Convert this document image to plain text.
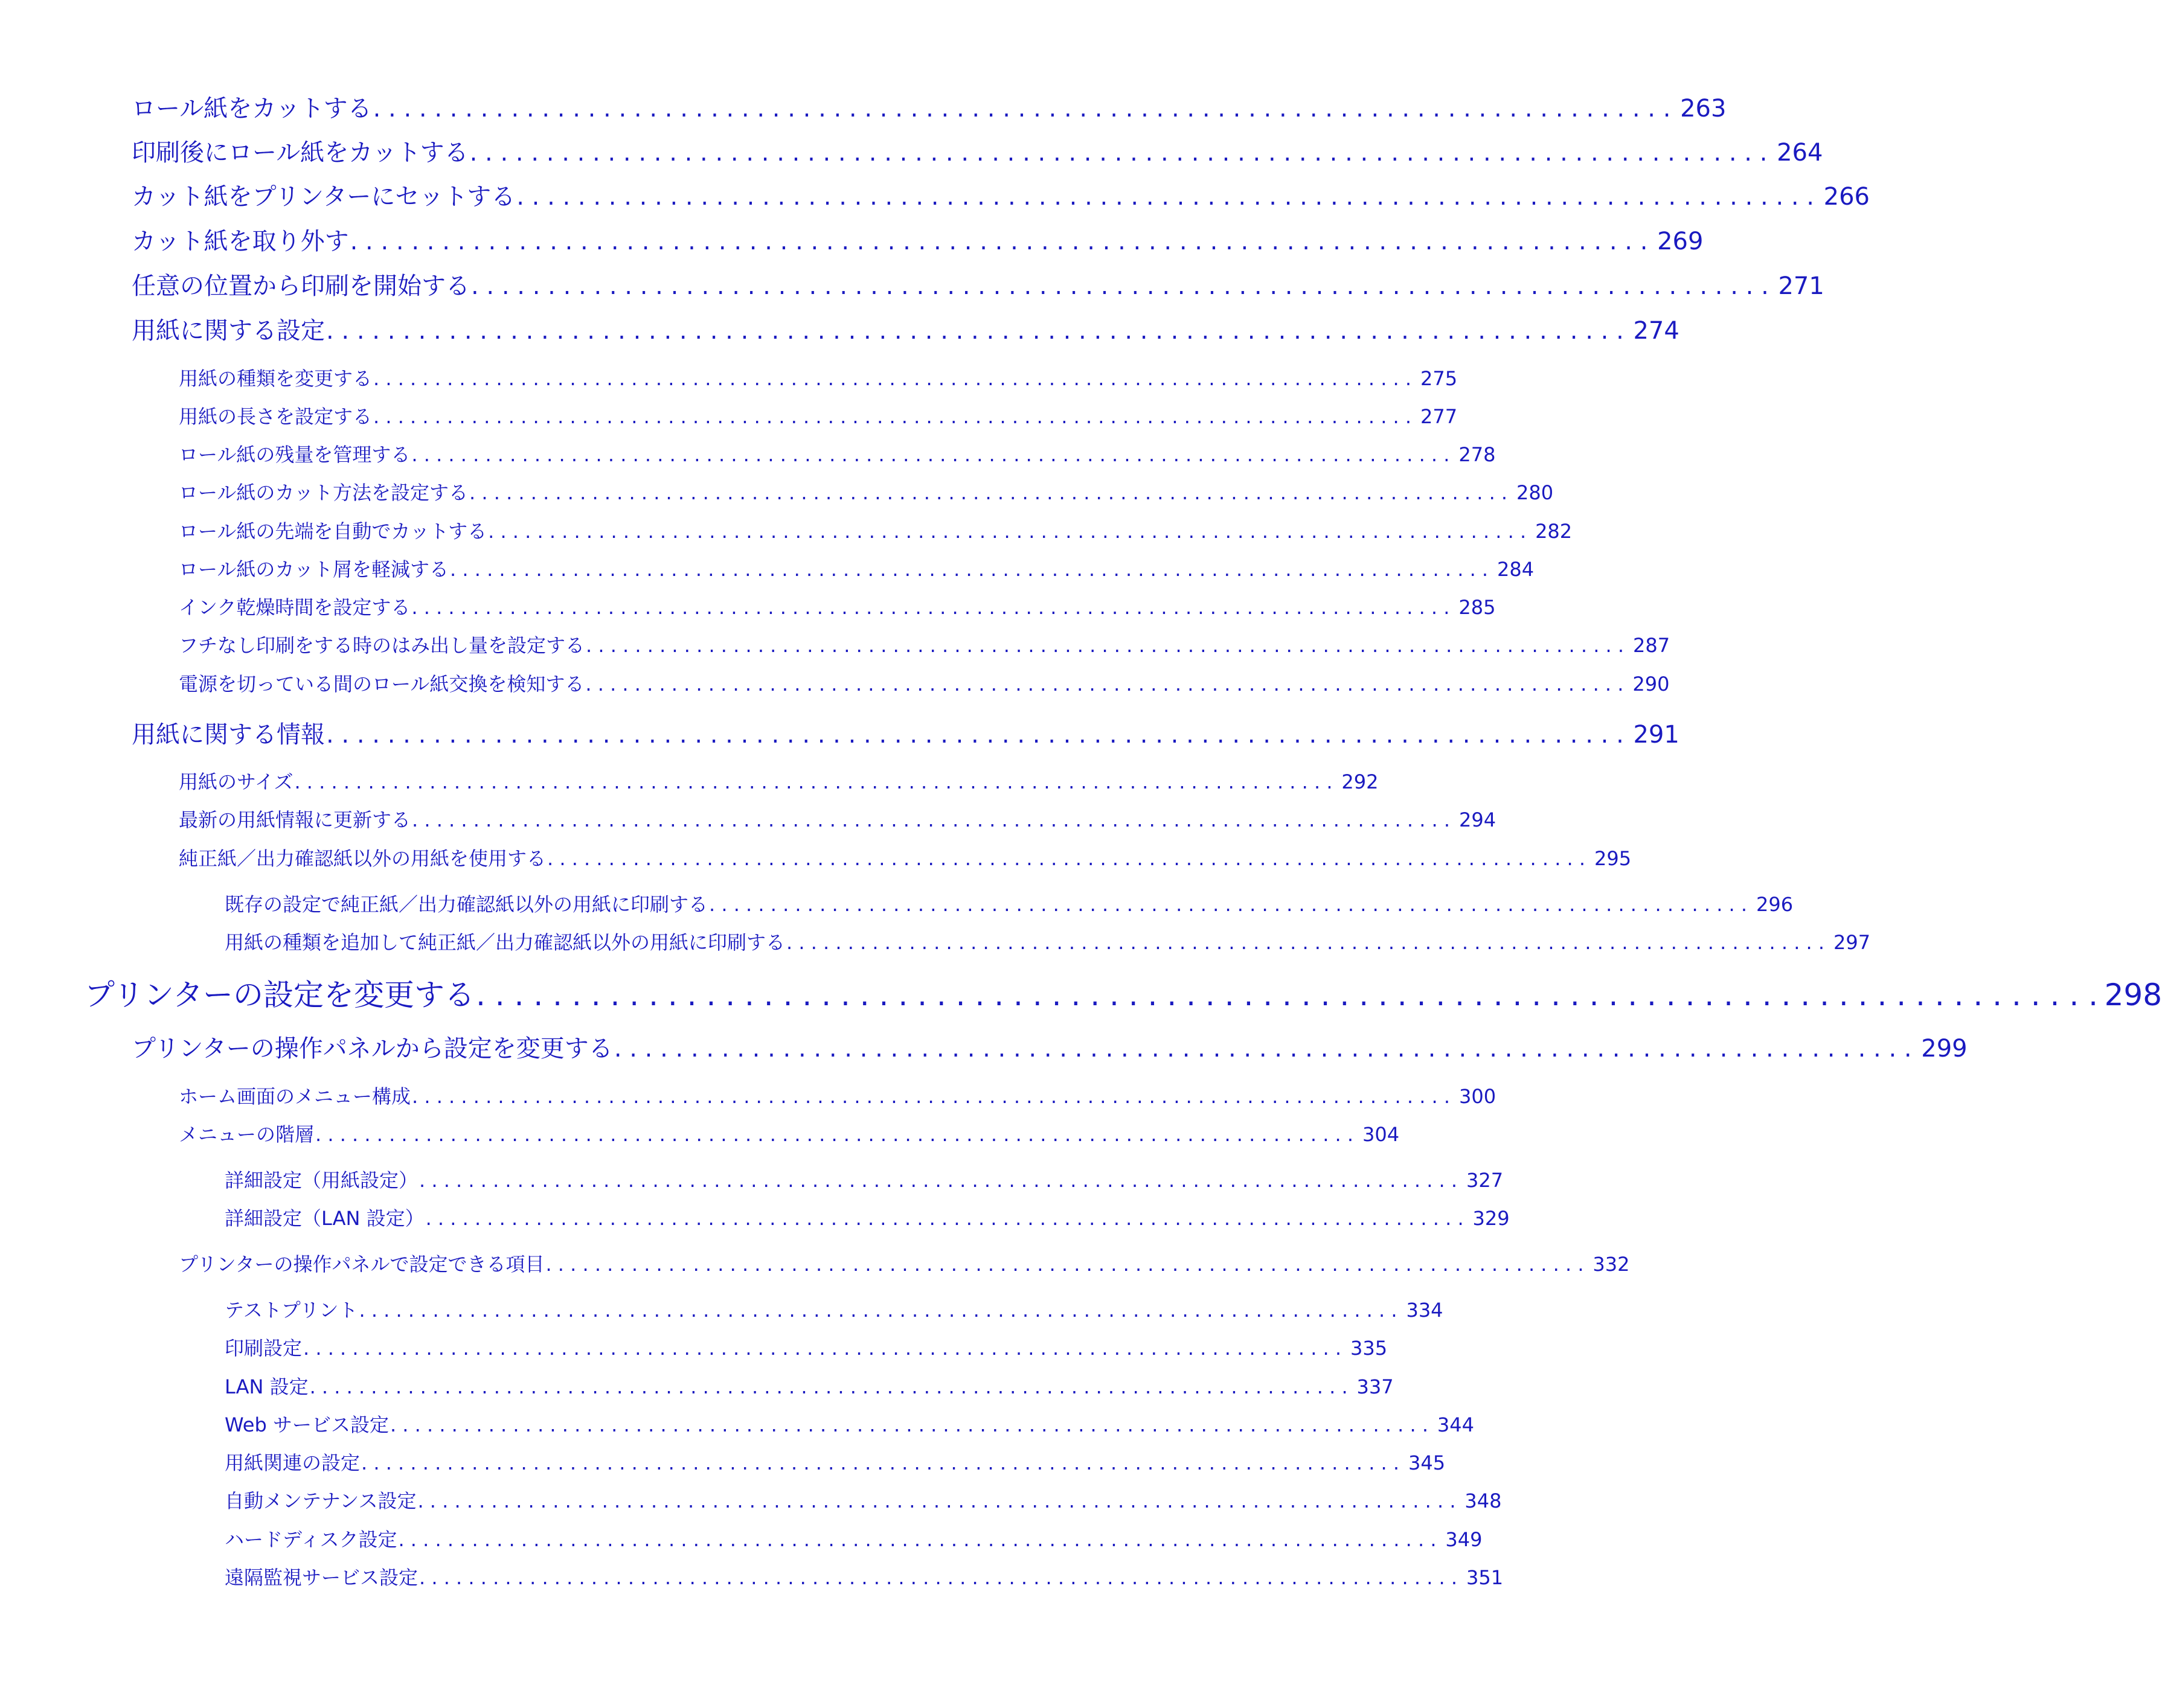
ロール紙をカットする . . . . . . . . . . . . . . . . . . . . . . . . . . . . . . . . . . . . . . . . . . . . . . . . . . . . . . . . . . . . . . . . . . . . . . . . . . . . . . . . . . . . . 263
印刷後にロール紙をカットする . . . . . . . . . . . . . . . . . . . . . . . . . . . . . . . . . . . . . . . . . . . . . . . . . . . . . . . . . . . . . . . . . . . . . . . . . . . . . . . . . . . . . 264
カット紙をプリンターにセットする . . . . . . . . . . . . . . . . . . . . . . . . . . . . . . . . . . . . . . . . . . . . . . . . . . . . . . . . . . . . . . . . . . . . . . . . . . . . . . . . . . . . . 266
カット紙を取り外す . . . . . . . . . . . . . . . . . . . . . . . . . . . . . . . . . . . . . . . . . . . . . . . . . . . . . . . . . . . . . . . . . . . . . . . . . . . . . . . . . . . . . 269
任意の位置から印刷を開始する . . . . . . . . . . . . . . . . . . . . . . . . . . . . . . . . . . . . . . . . . . . . . . . . . . . . . . . . . . . . . . . . . . . . . . . . . . . . . . . . . . . . . 271
用紙に関する設定 . . . . . . . . . . . . . . . . . . . . . . . . . . . . . . . . . . . . . . . . . . . . . . . . . . . . . . . . . . . . . . . . . . . . . . . . . . . . . . . . . . . . . 274
用紙の種類を変更する . . . . . . . . . . . . . . . . . . . . . . . . . . . . . . . . . . . . . . . . . . . . . . . . . . . . . . . . . . . . . . . . . . . . . . . . . . . . . . . . . . . . . 275
用紙の長さを設定する . . . . . . . . . . . . . . . . . . . . . . . . . . . . . . . . . . . . . . . . . . . . . . . . . . . . . . . . . . . . . . . . . . . . . . . . . . . . . . . . . . . . . 277
ロール紙の残量を管理する . . . . . . . . . . . . . . . . . . . . . . . . . . . . . . . . . . . . . . . . . . . . . . . . . . . . . . . . . . . . . . . . . . . . . . . . . . . . . . . . . . . . . 278
ロール紙のカット方法を設定する . . . . . . . . . . . . . . . . . . . . . . . . . . . . . . . . . . . . . . . . . . . . . . . . . . . . . . . . . . . . . . . . . . . . . . . . . . . . . . . . . . . . . 280
ロール紙の先端を自動でカットする . . . . . . . . . . . . . . . . . . . . . . . . . . . . . . . . . . . . . . . . . . . . . . . . . . . . . . . . . . . . . . . . . . . . . . . . . . . . . . . . . . . . . 282
ロール紙のカット屑を軽減する . . . . . . . . . . . . . . . . . . . . . . . . . . . . . . . . . . . . . . . . . . . . . . . . . . . . . . . . . . . . . . . . . . . . . . . . . . . . . . . . . . . . . 284
インク乾燥時間を設定する . . . . . . . . . . . . . . . . . . . . . . . . . . . . . . . . . . . . . . . . . . . . . . . . . . . . . . . . . . . . . . . . . . . . . . . . . . . . . . . . . . . . . 285
フチなし印刷をする時のはみ出し量を設定する . . . . . . . . . . . . . . . . . . . . . . . . . . . . . . . . . . . . . . . . . . . . . . . . . . . . . . . . . . . . . . . . . . . . . . . . . . . . . . . . . . . . . 287
電源を切っている間のロール紙交換を検知する . . . . . . . . . . . . . . . . . . . . . . . . . . . . . . . . . . . . . . . . . . . . . . . . . . . . . . . . . . . . . . . . . . . . . . . . . . . . . . . . . . . . . 290
用紙に関する情報 . . . . . . . . . . . . . . . . . . . . . . . . . . . . . . . . . . . . . . . . . . . . . . . . . . . . . . . . . . . . . . . . . . . . . . . . . . . . . . . . . . . . . 291
用紙のサイズ . . . . . . . . . . . . . . . . . . . . . . . . . . . . . . . . . . . . . . . . . . . . . . . . . . . . . . . . . . . . . . . . . . . . . . . . . . . . . . . . . . . . . 292
最新の用紙情報に更新する . . . . . . . . . . . . . . . . . . . . . . . . . . . . . . . . . . . . . . . . . . . . . . . . . . . . . . . . . . . . . . . . . . . . . . . . . . . . . . . . . . . . . 294
純正紙／出力確認紙以外の用紙を使用する . . . . . . . . . . . . . . . . . . . . . . . . . . . . . . . . . . . . . . . . . . . . . . . . . . . . . . . . . . . . . . . . . . . . . . . . . . . . . . . . . . . . . 295
既存の設定で純正紙／出力確認紙以外の用紙に印刷する . . . . . . . . . . . . . . . . . . . . . . . . . . . . . . . . . . . . . . . . . . . . . . . . . . . . . . . . . . . . . . . . . . . . . . . . . . . . . . . . . . . . . 296
用紙の種類を追加して純正紙／出力確認紙以外の用紙に印刷する . . . . . . . . . . . . . . . . . . . . . . . . . . . . . . . . . . . . . . . . . . . . . . . . . . . . . . . . . . . . . . . . . . . . . . . . . . . . . . . . . . . . . 297
プリンターの設定を変更する . . . . . . . . . . . . . . . . . . . . . . . . . . . . . . . . . . . . . . . . . . . . . . . . . . . . . . . . . . . . . . . . . . . . . . . . . . . . . . . . . . . . . 298
プリンターの操作パネルから設定を変更する . . . . . . . . . . . . . . . . . . . . . . . . . . . . . . . . . . . . . . . . . . . . . . . . . . . . . . . . . . . . . . . . . . . . . . . . . . . . . . . . . . . . . 299
ホーム画面のメニュー構成 . . . . . . . . . . . . . . . . . . . . . . . . . . . . . . . . . . . . . . . . . . . . . . . . . . . . . . . . . . . . . . . . . . . . . . . . . . . . . . . . . . . . . 300
メニューの階層 . . . . . . . . . . . . . . . . . . . . . . . . . . . . . . . . . . . . . . . . . . . . . . . . . . . . . . . . . . . . . . . . . . . . . . . . . . . . . . . . . . . . . 304
詳細設定（用紙設定） . . . . . . . . . . . . . . . . . . . . . . . . . . . . . . . . . . . . . . . . . . . . . . . . . . . . . . . . . . . . . . . . . . . . . . . . . . . . . . . . . . . . . 327
詳細設定（LAN 設定） . . . . . . . . . . . . . . . . . . . . . . . . . . . . . . . . . . . . . . . . . . . . . . . . . . . . . . . . . . . . . . . . . . . . . . . . . . . . . . . . . . . . . 329
プリンターの操作パネルで設定できる項目 . . . . . . . . . . . . . . . . . . . . . . . . . . . . . . . . . . . . . . . . . . . . . . . . . . . . . . . . . . . . . . . . . . . . . . . . . . . . . . . . . . . . . 332
テストプリント . . . . . . . . . . . . . . . . . . . . . . . . . . . . . . . . . . . . . . . . . . . . . . . . . . . . . . . . . . . . . . . . . . . . . . . . . . . . . . . . . . . . . 334
印刷設定 . . . . . . . . . . . . . . . . . . . . . . . . . . . . . . . . . . . . . . . . . . . . . . . . . . . . . . . . . . . . . . . . . . . . . . . . . . . . . . . . . . . . . 335
LAN 設定 . . . . . . . . . . . . . . . . . . . . . . . . . . . . . . . . . . . . . . . . . . . . . . . . . . . . . . . . . . . . . . . . . . . . . . . . . . . . . . . . . . . . . 337
Web サービス設定 . . . . . . . . . . . . . . . . . . . . . . . . . . . . . . . . . . . . . . . . . . . . . . . . . . . . . . . . . . . . . . . . . . . . . . . . . . . . . . . . . . . . . 344
用紙関連の設定 . . . . . . . . . . . . . . . . . . . . . . . . . . . . . . . . . . . . . . . . . . . . . . . . . . . . . . . . . . . . . . . . . . . . . . . . . . . . . . . . . . . . . 345
自動メンテナンス設定 . . . . . . . . . . . . . . . . . . . . . . . . . . . . . . . . . . . . . . . . . . . . . . . . . . . . . . . . . . . . . . . . . . . . . . . . . . . . . . . . . . . . . 348
ハードディスク設定 . . . . . . . . . . . . . . . . . . . . . . . . . . . . . . . . . . . . . . . . . . . . . . . . . . . . . . . . . . . . . . . . . . . . . . . . . . . . . . . . . . . . . 349
遠隔監視サービス設定 . . . . . . . . . . . . . . . . . . . . . . . . . . . . . . . . . . . . . . . . . . . . . . . . . . . . . . . . . . . . . . . . . . . . . . . . . . . . . . . . . . . . . 351
